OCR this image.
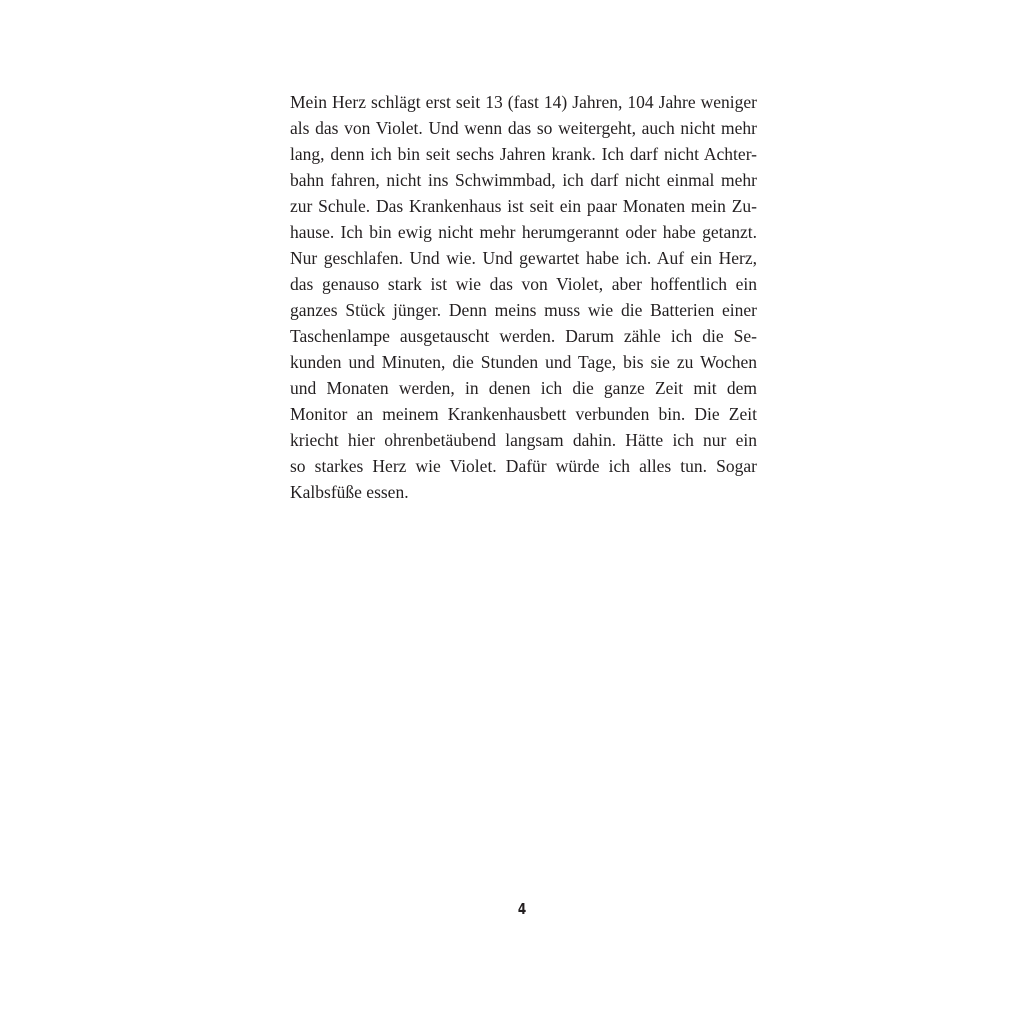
Mein Herz schlägt erst seit 13 (fast 14) Jahren, 104 Jahre weniger
als das von Violet. Und wenn das so weitergeht, auch nicht mehr
lang, denn ich bin seit sechs Jahren krank. Ich darf nicht Achter-
bahn fahren, nicht ins Schwimmbad, ich darf nicht einmal mehr
zur Schule. Das Krankenhaus ist seit ein paar Monaten mein Zu-
hause. Ich bin ewig nicht mehr herumgerannt oder habe getanzt.
Nur geschlafen. Und wie. Und gewartet habe ich. Auf ein Herz,
das genauso stark ist wie das von Violet, aber hoffentlich ein
ganzes Stück jünger. Denn meins muss wie die Batterien einer
Taschenlampe ausgetauscht werden. Darum zähle ich die Se-
kunden und Minuten, die Stunden und Tage, bis sie zu Wochen
und Monaten werden, in denen ich die ganze Zeit mit dem
Monitor an meinem Krankenhausbett verbunden bin. Die Zeit
kriecht hier ohrenbetäubend langsam dahin. Hätte ich nur ein
so starkes Herz wie Violet. Dafür würde ich alles tun. Sogar
Kalbsfüße essen.
4
